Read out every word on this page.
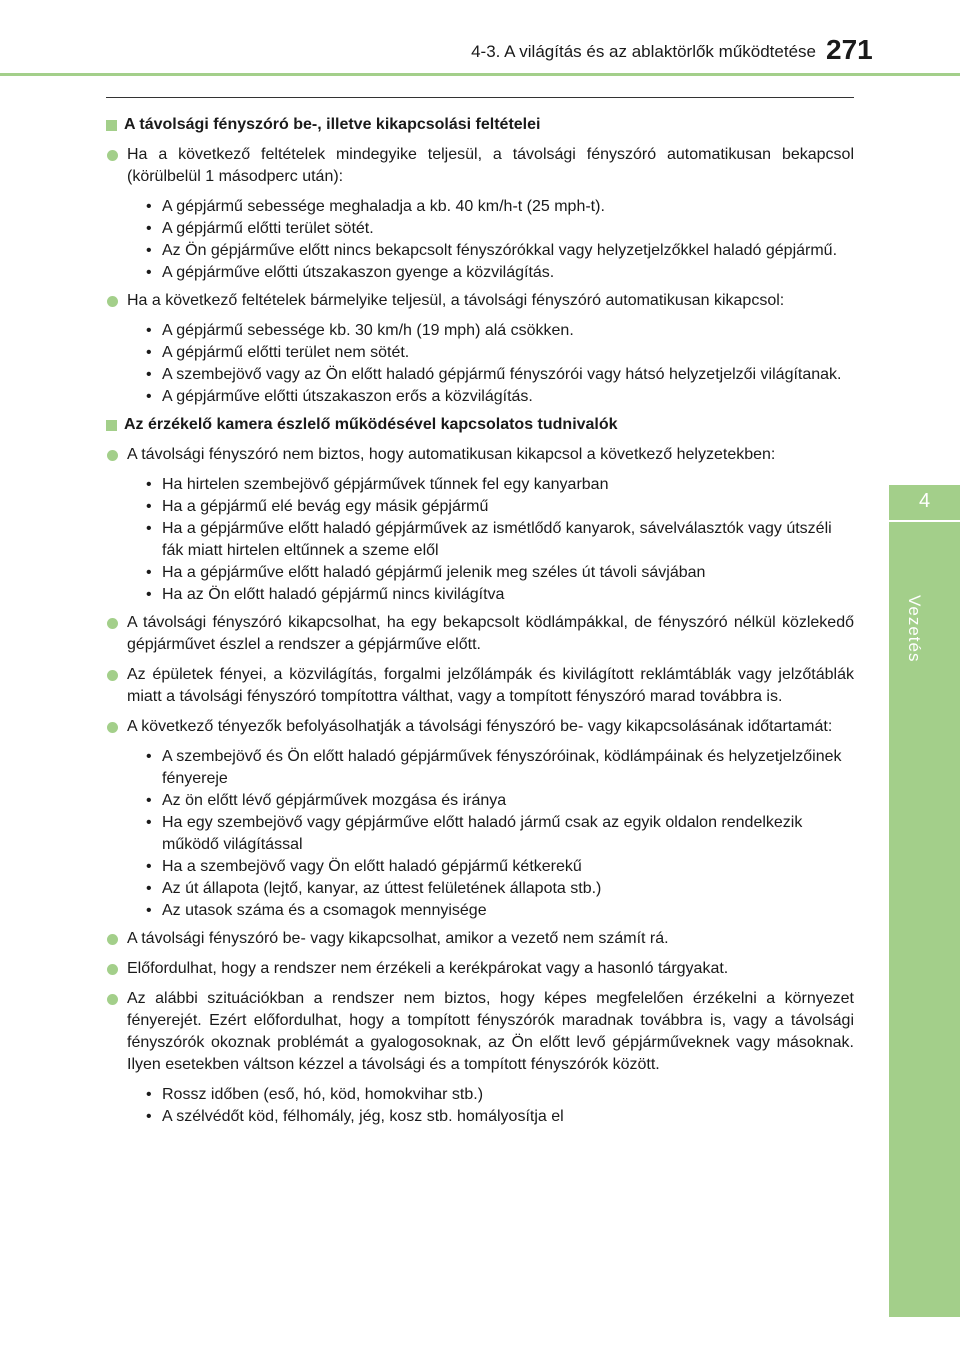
4-3. A világítás és az ablaktörlők működtetése 271
4
Vezetés
A távolsági fényszóró be-, illetve kikapcsolási feltételei
Ha a következő feltételek mindegyike teljesül, a távolsági fényszóró automatikusan bekapcsol (körülbelül 1 másodperc után):
• A gépjármű sebessége meghaladja a kb. 40 km/h-t (25 mph-t).
• A gépjármű előtti terület sötét.
• Az Ön gépjárműve előtt nincs bekapcsolt fényszórókkal vagy helyzetjelzőkkel haladó gépjármű.
• A gépjárműve előtti útszakaszon gyenge a közvilágítás.
Ha a következő feltételek bármelyike teljesül, a távolsági fényszóró automatikusan kikapcsol:
• A gépjármű sebessége kb. 30 km/h (19 mph) alá csökken.
• A gépjármű előtti terület nem sötét.
• A szembejövő vagy az Ön előtt haladó gépjármű fényszórói vagy hátsó helyzetjelzői világítanak.
• A gépjárműve előtti útszakaszon erős a közvilágítás.
Az érzékelő kamera észlelő működésével kapcsolatos tudnivalók
A távolsági fényszóró nem biztos, hogy automatikusan kikapcsol a következő helyzetekben:
• Ha hirtelen szembejövő gépjárművek tűnnek fel egy kanyarban
• Ha a gépjármű elé bevág egy másik gépjármű
• Ha a gépjárműve előtt haladó gépjárművek az ismétlődő kanyarok, sávelválasztók vagy útszéli fák miatt hirtelen eltűnnek a szeme elől
• Ha a gépjárműve előtt haladó gépjármű jelenik meg széles út távoli sávjában
• Ha az Ön előtt haladó gépjármű nincs kivilágítva
A távolsági fényszóró kikapcsolhat, ha egy bekapcsolt ködlámpákkal, de fényszóró nélkül közlekedő gépjárművet észlel a rendszer a gépjárműve előtt.
Az épületek fényei, a közvilágítás, forgalmi jelzőlámpák és kivilágított reklámtáblák vagy jelzőtáblák miatt a távolsági fényszóró tompítottra válthat, vagy a tompított fényszóró marad továbbra is.
A következő tényezők befolyásolhatják a távolsági fényszóró be- vagy kikapcsolásának időtartamát:
• A szembejövő és Ön előtt haladó gépjárművek fényszóróinak, ködlámpáinak és helyzetjelzőinek fényereje
• Az ön előtt lévő gépjárművek mozgása és iránya
• Ha egy szembejövő vagy gépjárműve előtt haladó jármű csak az egyik oldalon rendelkezik működő világítással
• Ha a szembejövő vagy Ön előtt haladó gépjármű kétkerekű
• Az út állapota (lejtő, kanyar, az úttest felületének állapota stb.)
• Az utasok száma és a csomagok mennyisége
A távolsági fényszóró be- vagy kikapcsolhat, amikor a vezető nem számít rá.
Előfordulhat, hogy a rendszer nem érzékeli a kerékpárokat vagy a hasonló tárgyakat.
Az alábbi szituációkban a rendszer nem biztos, hogy képes megfelelően érzékelni a környezet fényerejét. Ezért előfordulhat, hogy a tompított fényszórók maradnak továbbra is, vagy a távolsági fényszórók okoznak problémát a gyalogosoknak, az Ön előtt levő gépjárműveknek vagy másoknak. Ilyen esetekben váltson kézzel a távolsági és a tompított fényszórók között.
• Rossz időben (eső, hó, köd, homokvihar stb.)
• A szélvédőt köd, félhomály, jég, kosz stb. homályosítja el
